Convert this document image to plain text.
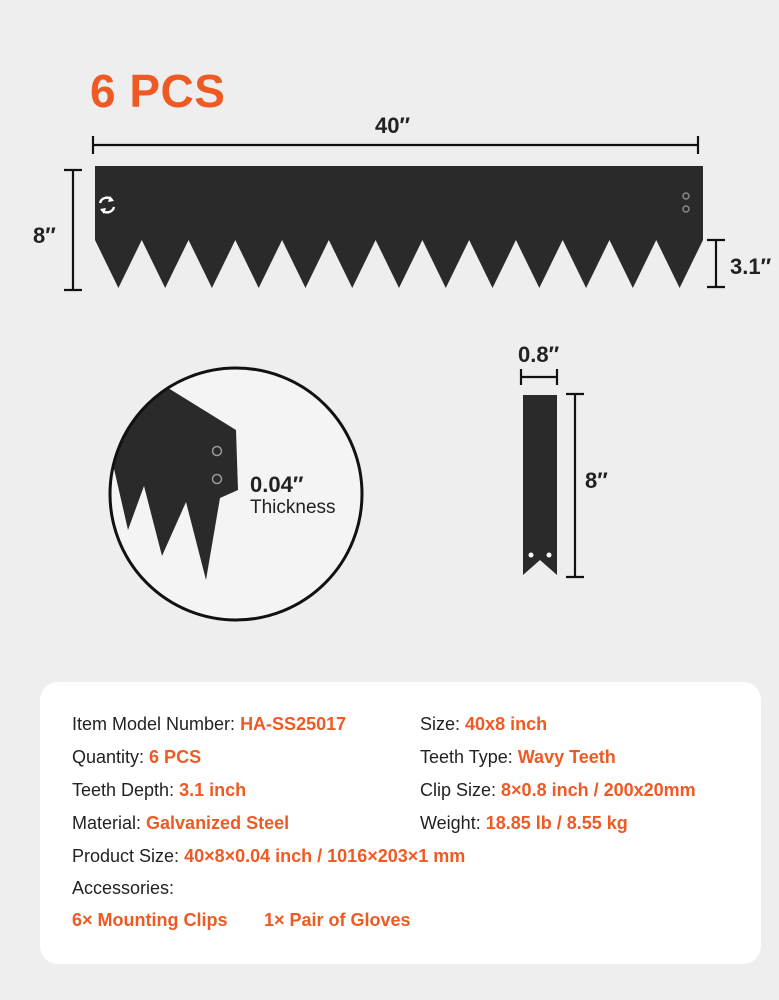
6 PCS
40″
8″
3.1″
0.8″
8″
0.04″
Thickness
Item Model Number: HA-SS25017	Size: 40x8 inch
Quantity: 6 PCS	Teeth Type: Wavy Teeth
Teeth Depth: 3.1 inch	Clip Size: 8×0.8 inch / 200x20mm
Material: Galvanized Steel	Weight: 18.85 lb / 8.55 kg
Product Size: 40×8×0.04 inch / 1016×203×1 mm
Accessories:
6× Mounting Clips 1× Pair of Gloves
